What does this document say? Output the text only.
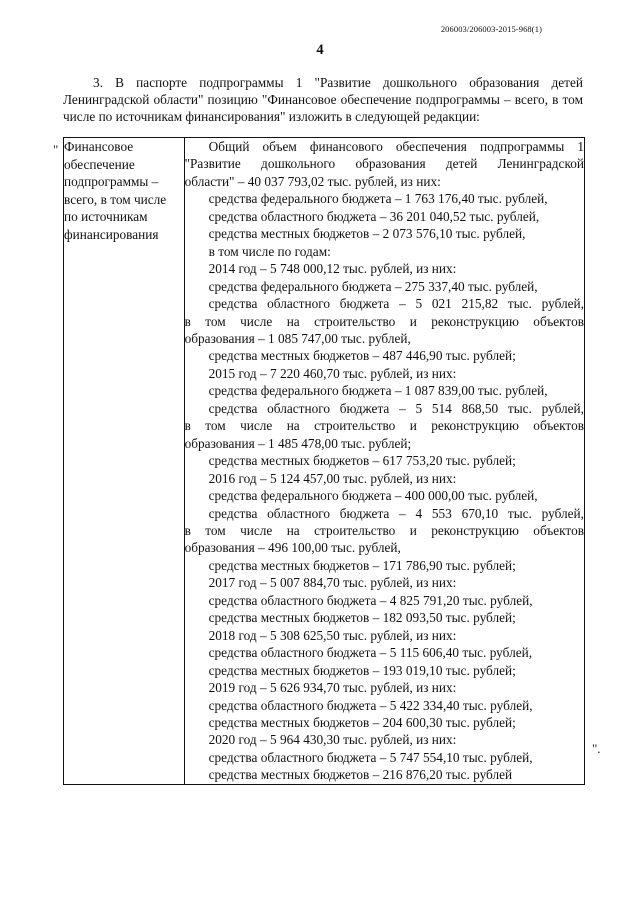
206003/206003-2015-968(1)
4

3. В паспорте подпрограммы 1 "Развитие дошкольного образования детей Ленинградской области" позицию "Финансовое обеспечение подпрограммы – всего, в том числе по источникам финансирования" изложить в следующей редакции:

" Финансовое
обеспечение
подпрограммы –
всего, в том числе
по источникам
финансирования

Общий объем финансового обеспечения подпрограммы 1
"Развитие дошкольного образования детей Ленинградской
области" – 40 037 793,02 тыс. рублей, из них:
средства федерального бюджета – 1 763 176,40 тыс. рублей,
средства областного бюджета – 36 201 040,52 тыс. рублей,
средства местных бюджетов – 2 073 576,10 тыс. рублей,
в том числе по годам:
2014 год – 5 748 000,12 тыс. рублей, из них:
средства федерального бюджета – 275 337,40 тыс. рублей,
средства областного бюджета – 5 021 215,82 тыс. рублей,
в том числе на строительство и реконструкцию объектов
образования – 1 085 747,00 тыс. рублей,
средства местных бюджетов – 487 446,90 тыс. рублей;
2015 год – 7 220 460,70 тыс. рублей, из них:
средства федерального бюджета – 1 087 839,00 тыс. рублей,
средства областного бюджета – 5 514 868,50 тыс. рублей,
в том числе на строительство и реконструкцию объектов
образования – 1 485 478,00 тыс. рублей;
средства местных бюджетов – 617 753,20 тыс. рублей;
2016 год – 5 124 457,00 тыс. рублей, из них:
средства федерального бюджета – 400 000,00 тыс. рублей,
средства областного бюджета – 4 553 670,10 тыс. рублей,
в том числе на строительство и реконструкцию объектов
образования – 496 100,00 тыс. рублей,
средства местных бюджетов – 171 786,90 тыс. рублей;
2017 год – 5 007 884,70 тыс. рублей, из них:
средства областного бюджета – 4 825 791,20 тыс. рублей,
средства местных бюджетов – 182 093,50 тыс. рублей;
2018 год – 5 308 625,50 тыс. рублей, из них:
средства областного бюджета – 5 115 606,40 тыс. рублей,
средства местных бюджетов – 193 019,10 тыс. рублей;
2019 год – 5 626 934,70 тыс. рублей, из них:
средства областного бюджета – 5 422 334,40 тыс. рублей,
средства местных бюджетов – 204 600,30 тыс. рублей;
2020 год – 5 964 430,30 тыс. рублей, из них:
средства областного бюджета – 5 747 554,10 тыс. рублей,
средства местных бюджетов – 216 876,20 тыс. рублей
".
